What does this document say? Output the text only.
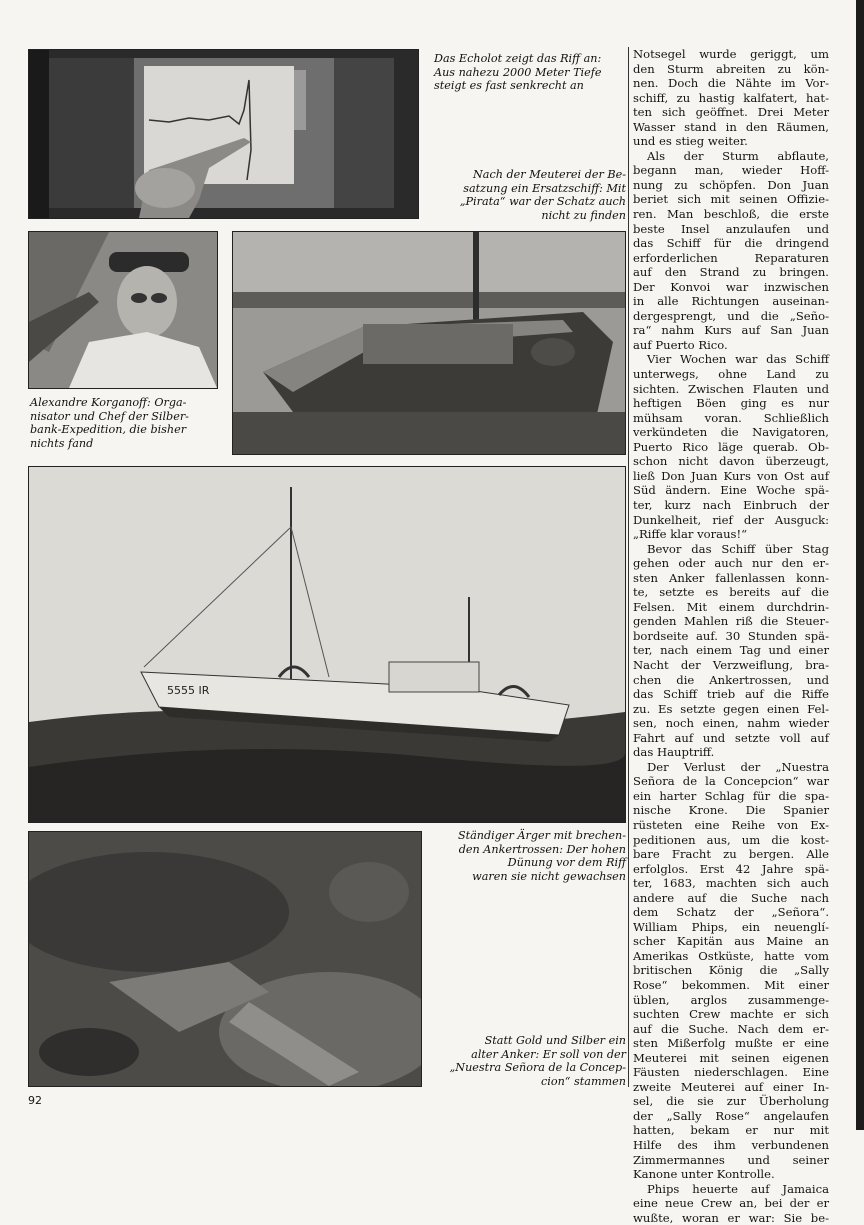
5555 IR
Das Echolot zeigt das Riff an:
Aus nahezu 2000 Meter Tiefe
steigt es fast senkrecht an
Nach der Meuterei der Be-
satzung ein Ersatzschiff: Mit
„Pirata“ war der Schatz auch
nicht zu finden
Alexandre Korganoff: Orga-
nisator und Chef der Silber-
bank-Expedition, die bisher
nichts fand
Ständiger Ärger mit brechen-
den Ankertrossen: Der hohen
Dünung vor dem Riff
waren sie nicht gewachsen
Statt Gold und Silber ein
alter Anker: Er soll von der
„Nuestra Señora de la Concep-
cion“ stammen
Notsegel wurde geriggt, um
den Sturm abreiten zu kön-
nen. Doch die Nähte im Vor-
schiff, zu hastig kalfatert, hat-
ten sich geöffnet. Drei Meter
Wasser stand in den Räumen,
und es stieg weiter.
Als der Sturm abflaute,
begann man, wieder Hoff-
nung zu schöpfen. Don Juan
beriet sich mit seinen Offizie-
ren. Man beschloß, die erste
beste Insel anzulaufen und
das Schiff für die dringend
erforderlichen Reparaturen
auf den Strand zu bringen.
Der Konvoi war inzwischen
in alle Richtungen auseinan-
dergesprengt, und die „Seño-
ra“ nahm Kurs auf San Juan
auf Puerto Rico.
Vier Wochen war das Schiff
unterwegs, ohne Land zu
sichten. Zwischen Flauten und
heftigen Böen ging es nur
mühsam voran. Schließlich
verkündeten die Navigatoren,
Puerto Rico läge querab. Ob-
schon nicht davon überzeugt,
ließ Don Juan Kurs von Ost auf
Süd ändern. Eine Woche spä-
ter, kurz nach Einbruch der
Dunkelheit, rief der Ausguck:
„Riffe klar voraus!“
Bevor das Schiff über Stag
gehen oder auch nur den er-
sten Anker fallenlassen konn-
te, setzte es bereits auf die
Felsen. Mit einem durchdrin-
genden Mahlen riß die Steuer-
bordseite auf. 30 Stunden spä-
ter, nach einem Tag und einer
Nacht der Verzweiflung, bra-
chen die Ankertrossen, und
das Schiff trieb auf die Riffe
zu. Es setzte gegen einen Fel-
sen, noch einen, nahm wieder
Fahrt auf und setzte voll auf
das Hauptriff.
Der Verlust der „Nuestra
Señora de la Concepcion“ war
ein harter Schlag für die spa-
nische Krone. Die Spanier
rüsteten eine Reihe von Ex-
peditionen aus, um die kost-
bare Fracht zu bergen. Alle
erfolglos. Erst 42 Jahre spä-
ter, 1683, machten sich auch
andere auf die Suche nach
dem Schatz der „Señora“.
William Phips, ein neuenglí-
scher Kapitän aus Maine an
Amerikas Ostküste, hatte vom
britischen König die „Sally
Rose“ bekommen. Mit einer
üblen, arglos zusammenge-
suchten Crew machte er sich
auf die Suche. Nach dem er-
sten Mißerfolg mußte er eine
Meuterei mit seinen eigenen
Fäusten niederschlagen. Eine
zweite Meuterei auf einer In-
sel, die sie zur Überholung
der „Sally Rose“ angelaufen
hatten, bekam er nur mit
Hilfe des ihm verbundenen
Zimmermannes und seiner
Kanone unter Kontrolle.
Phips heuerte auf Jamaica
eine neue Crew an, bei der er
wußte, woran er war: Sie be-
92
